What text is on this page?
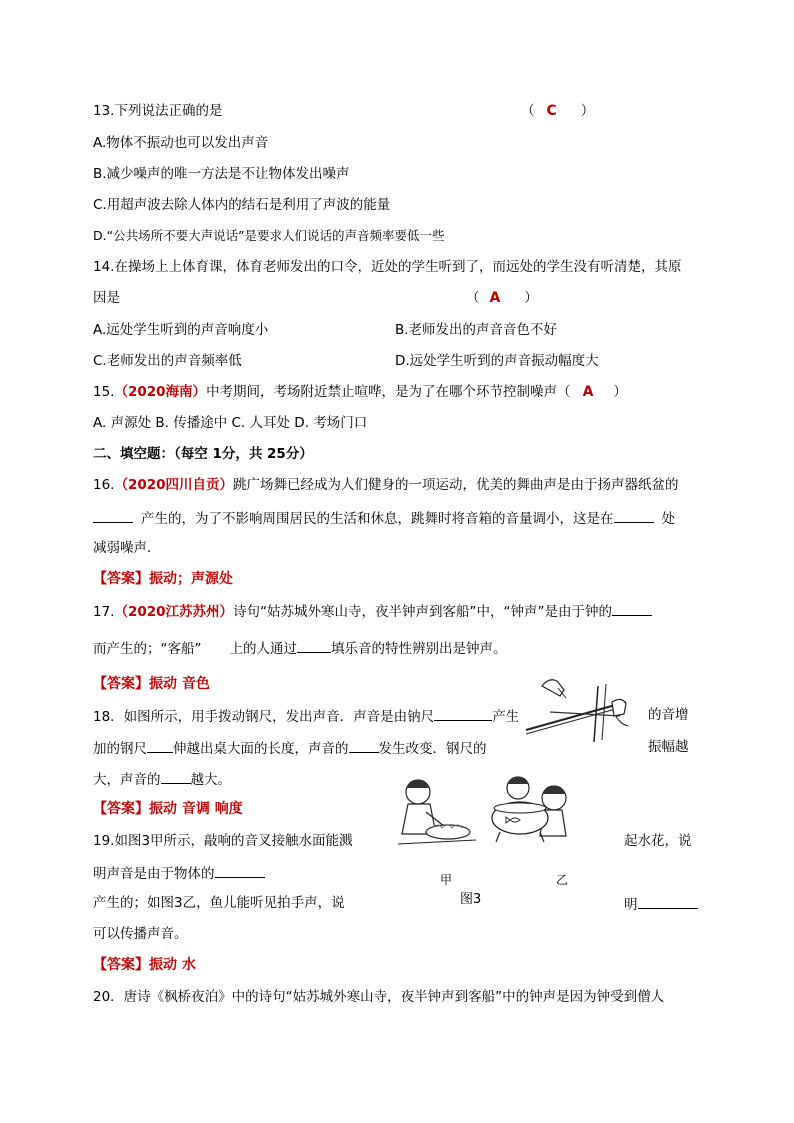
13.下列说法正确的是	（ C ）
A.物体不振动也可以发出声音
B.减少噪声的唯一方法是不让物体发出噪声
C.用超声波去除人体内的结石是利用了声波的能量
D.“公共场所不要大声说话”是要求人们说话的声音频率要低一些
14.在操场上上体育课，体育老师发出的口令，近处的学生听到了，而远处的学生没有听清楚，其原
因是	（ A ）
A.远处学生听到的声音响度小	B.老师发出的声音音色不好
C.老师发出的声音频率低	D.远处学生听到的声音振动幅度大
15.（2020海南）中考期间，考场附近禁止喧哗，是为了在哪个环节控制噪声（ A ）
A. 声源处 B. 传播途中 C. 人耳处 D. 考场门口
二、填空题：（每空 1分，共 25分）
16.（2020四川自贡）跳广场舞已经成为人们健身的一项运动，优美的舞曲声是由于扬声器纸盆的
产生的，为了不影响周围居民的生活和休息，跳舞时将音箱的音量调小，这是在	处
减弱噪声．
【答案】振动；声源处
17.（2020江苏苏州）诗句“姑苏城外寒山寺，夜半钟声到客船”中，“钟声”是由于钟的
而产生的；“客船” 上的人通过	填乐音的特性辨别出是钟声。
【答案】振动 音色
18．如图所示，用手拨动钢尺，发出声音．声音是由钠尺	产生	的音增
加的钢尺 伸越出桌大面的长度，声音的 发生改变．钢尺的	振幅越
大，声音的 越大。
【答案】振动 音调 响度
19.如图3甲所示，敲响的音叉接触水面能溅	起水花，说
明声音是由于物体的
产生的；如图3乙，鱼儿能听见拍手声，说	明
可以传播声音。
【答案】振动 水
甲	乙
图3
20．唐诗《枫桥夜泊》中的诗句“姑苏城外寒山寺，夜半钟声到客船”中的钟声是因为钟受到僧人
